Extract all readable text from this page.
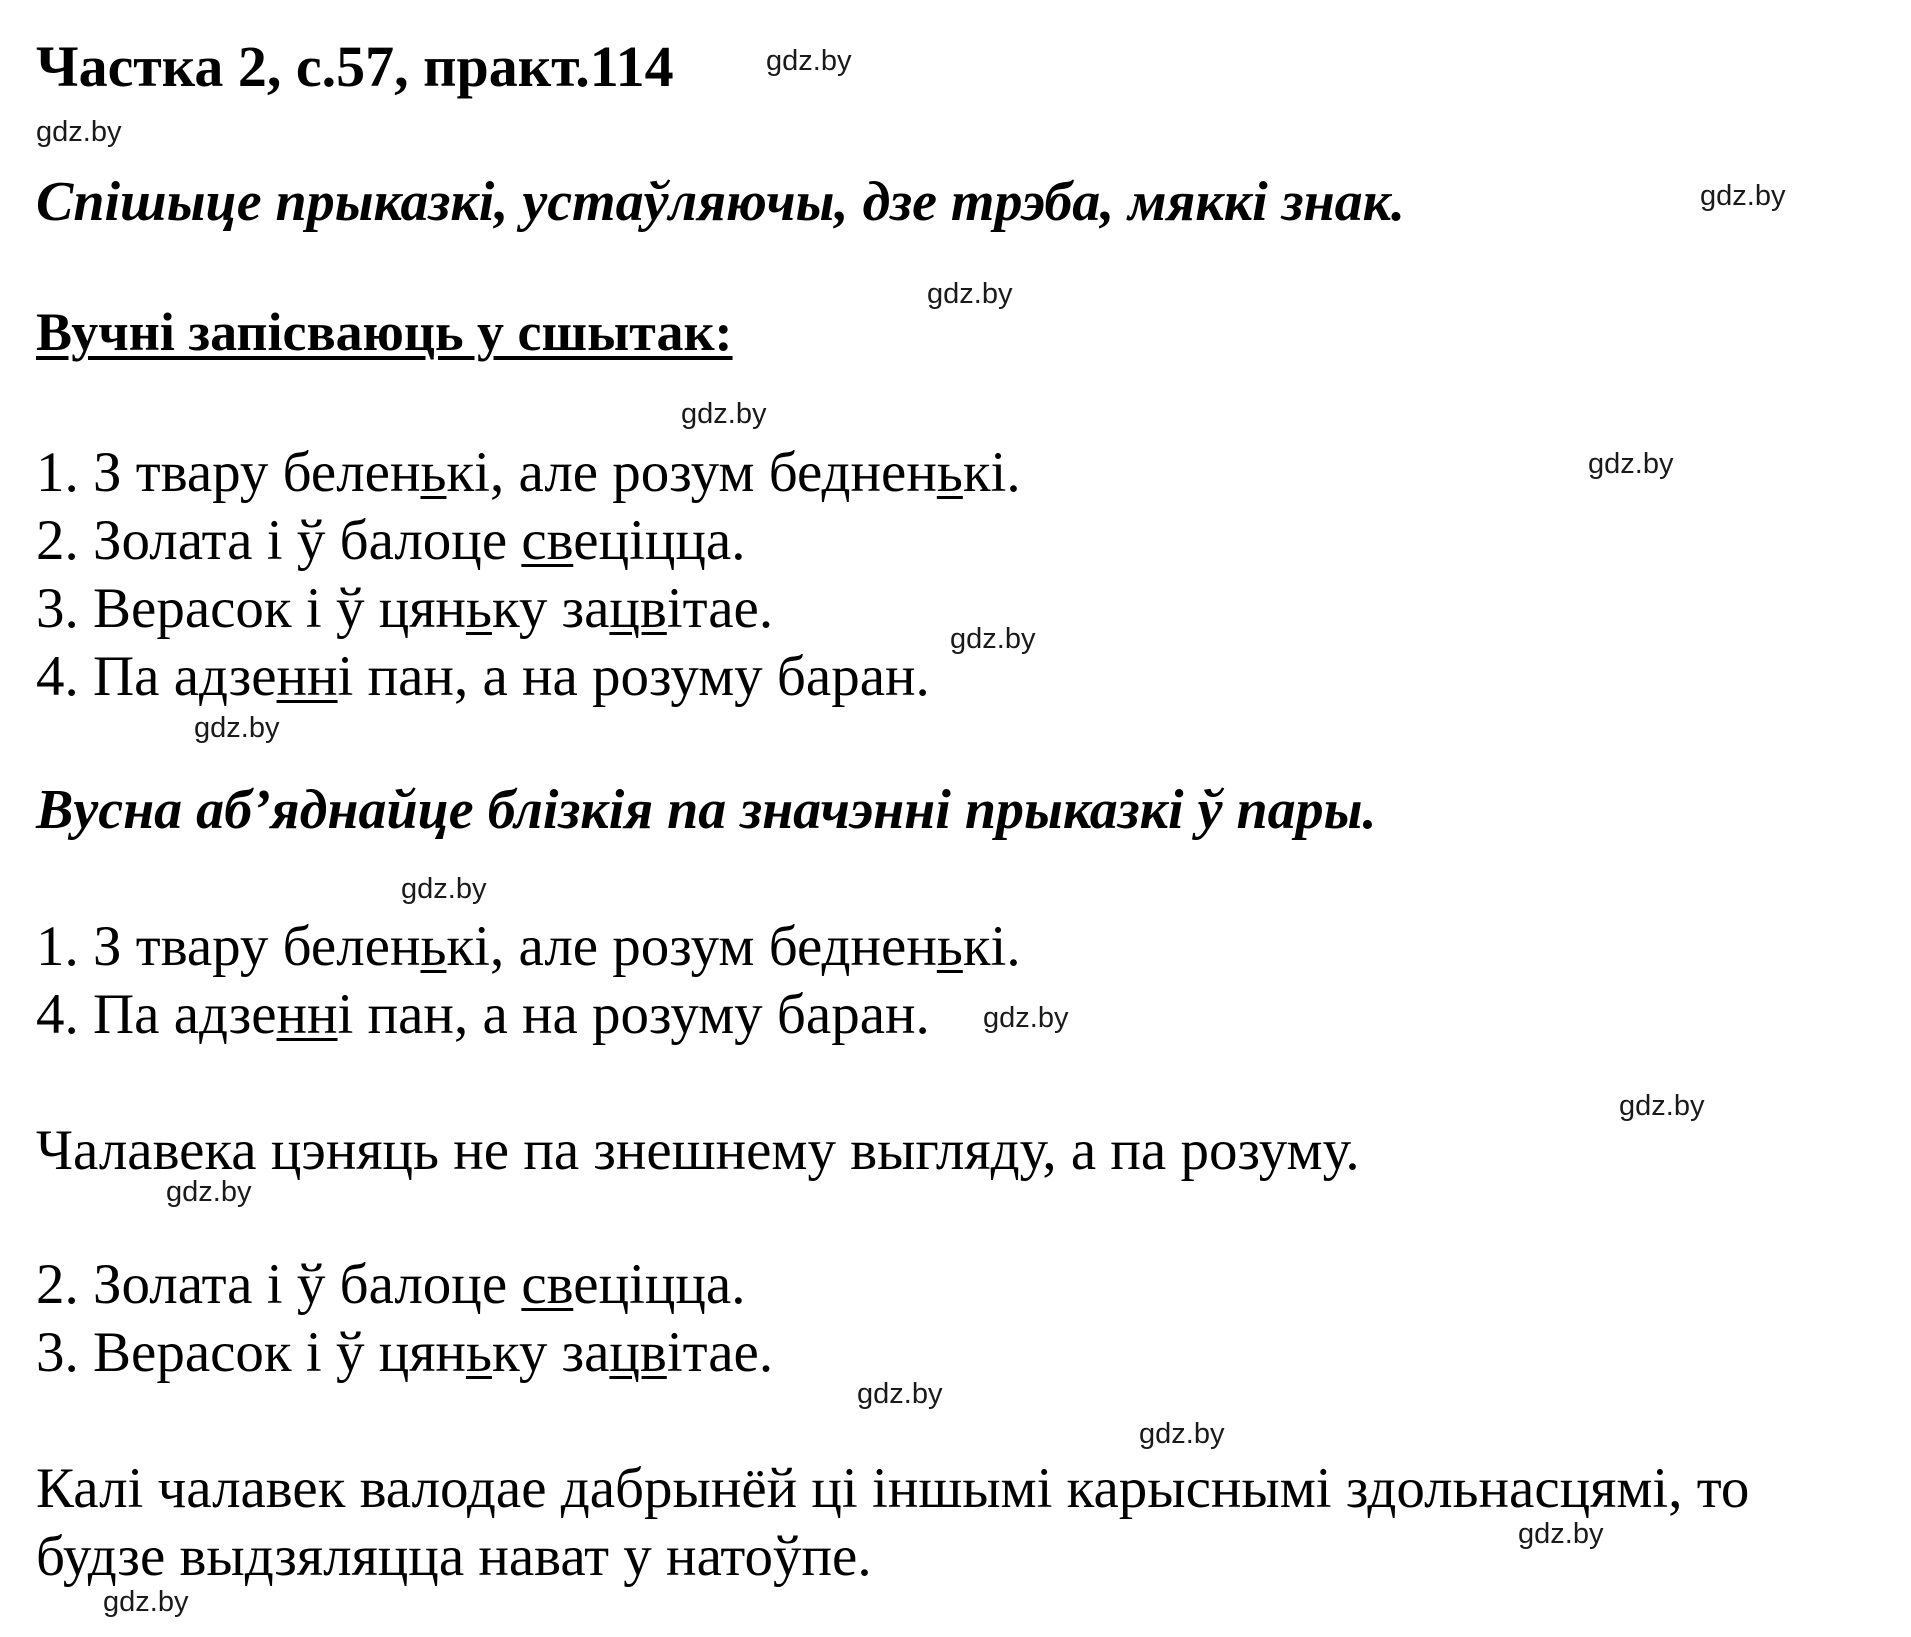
Частка 2, с.57, практ.114
Спішыце прыказкі, устаўляючы, дзе трэба, мяккі знак.
Вучні запісваюць у сшытак:
1. З твару беленькі, але розум бедненькі.
2. Золата і ў балоце свеціцца.
3. Верасок і ў цяньку зацвітае.
4. Па адзенні пан, а на розуму баран.
Вусна аб’яднайце блізкія па значэнні прыказкі ў пары.
1. З твару беленькі, але розум бедненькі.
4. Па адзенні пан, а на розуму баран.
Чалавека цэняць не па знешнему выгляду, а па розуму.
2. Золата і ў балоце свеціцца.
3. Верасок і ў цяньку зацвітае.
Калі чалавек валодае дабрынёй ці іншымі карыснымі здольнасцямі, то
будзе выдзяляцца нават у натоўпе.
gdz.by
gdz.by
gdz.by
gdz.by
gdz.by
gdz.by
gdz.by
gdz.by
gdz.by
gdz.by
gdz.by
gdz.by
gdz.by
gdz.by
gdz.by
gdz.by
